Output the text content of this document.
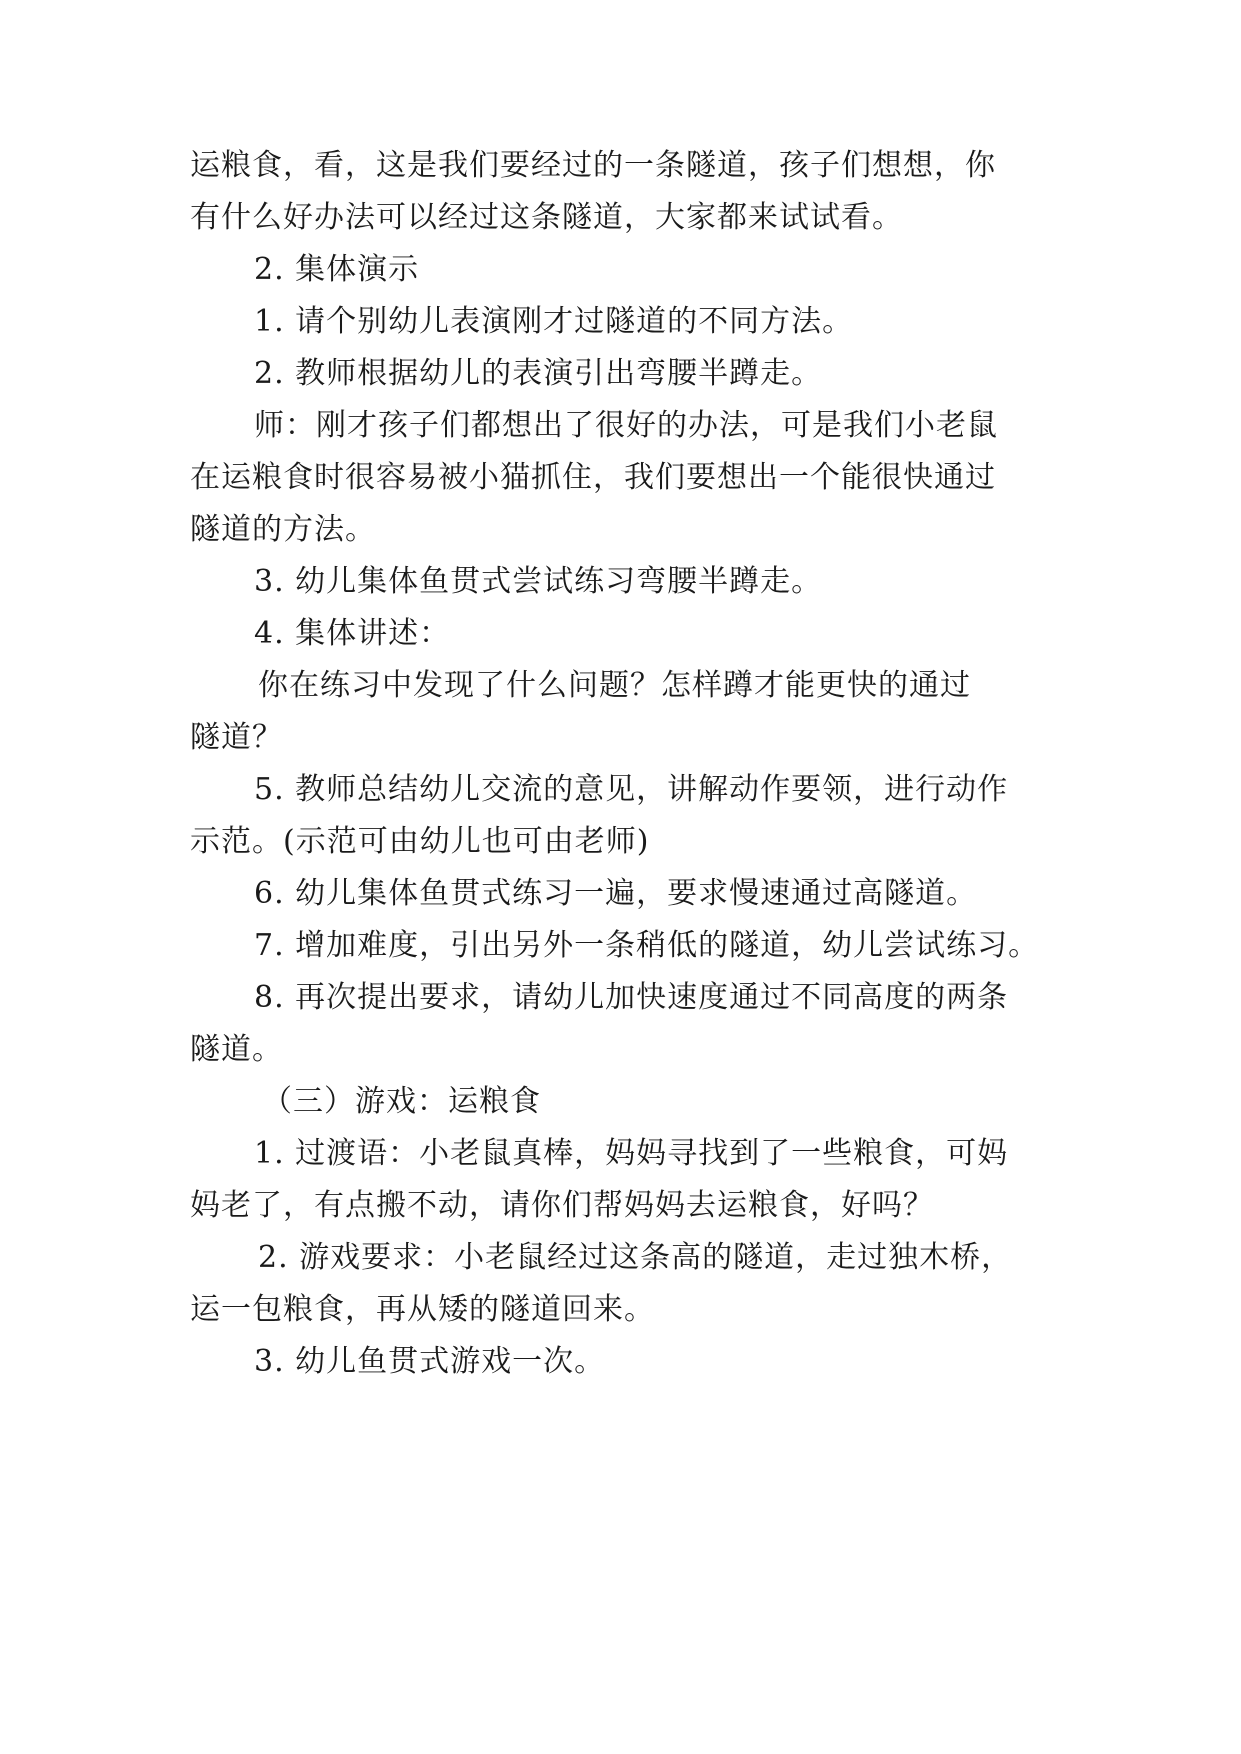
运粮食，看，这是我们要经过的一条隧道，孩子们想想，你
有什么好办法可以经过这条隧道，大家都来试试看。
2. 集体演示
1. 请个别幼儿表演刚才过隧道的不同方法。
2. 教师根据幼儿的表演引出弯腰半蹲走。
师：刚才孩子们都想出了很好的办法，可是我们小老鼠
在运粮食时很容易被小猫抓住，我们要想出一个能很快通过
隧道的方法。
3. 幼儿集体鱼贯式尝试练习弯腰半蹲走。
4. 集体讲述：
你在练习中发现了什么问题？怎样蹲才能更快的通过
隧道？
5. 教师总结幼儿交流的意见，讲解动作要领，进行动作
示范。(示范可由幼儿也可由老师)
6. 幼儿集体鱼贯式练习一遍，要求慢速通过高隧道。
7. 增加难度，引出另外一条稍低的隧道，幼儿尝试练习。
8. 再次提出要求，请幼儿加快速度通过不同高度的两条
隧道。
（三）游戏：运粮食
1. 过渡语：小老鼠真棒，妈妈寻找到了一些粮食，可妈
妈老了，有点搬不动，请你们帮妈妈去运粮食，好吗？
2. 游戏要求：小老鼠经过这条高的隧道，走过独木桥，
运一包粮食，再从矮的隧道回来。
3. 幼儿鱼贯式游戏一次。
